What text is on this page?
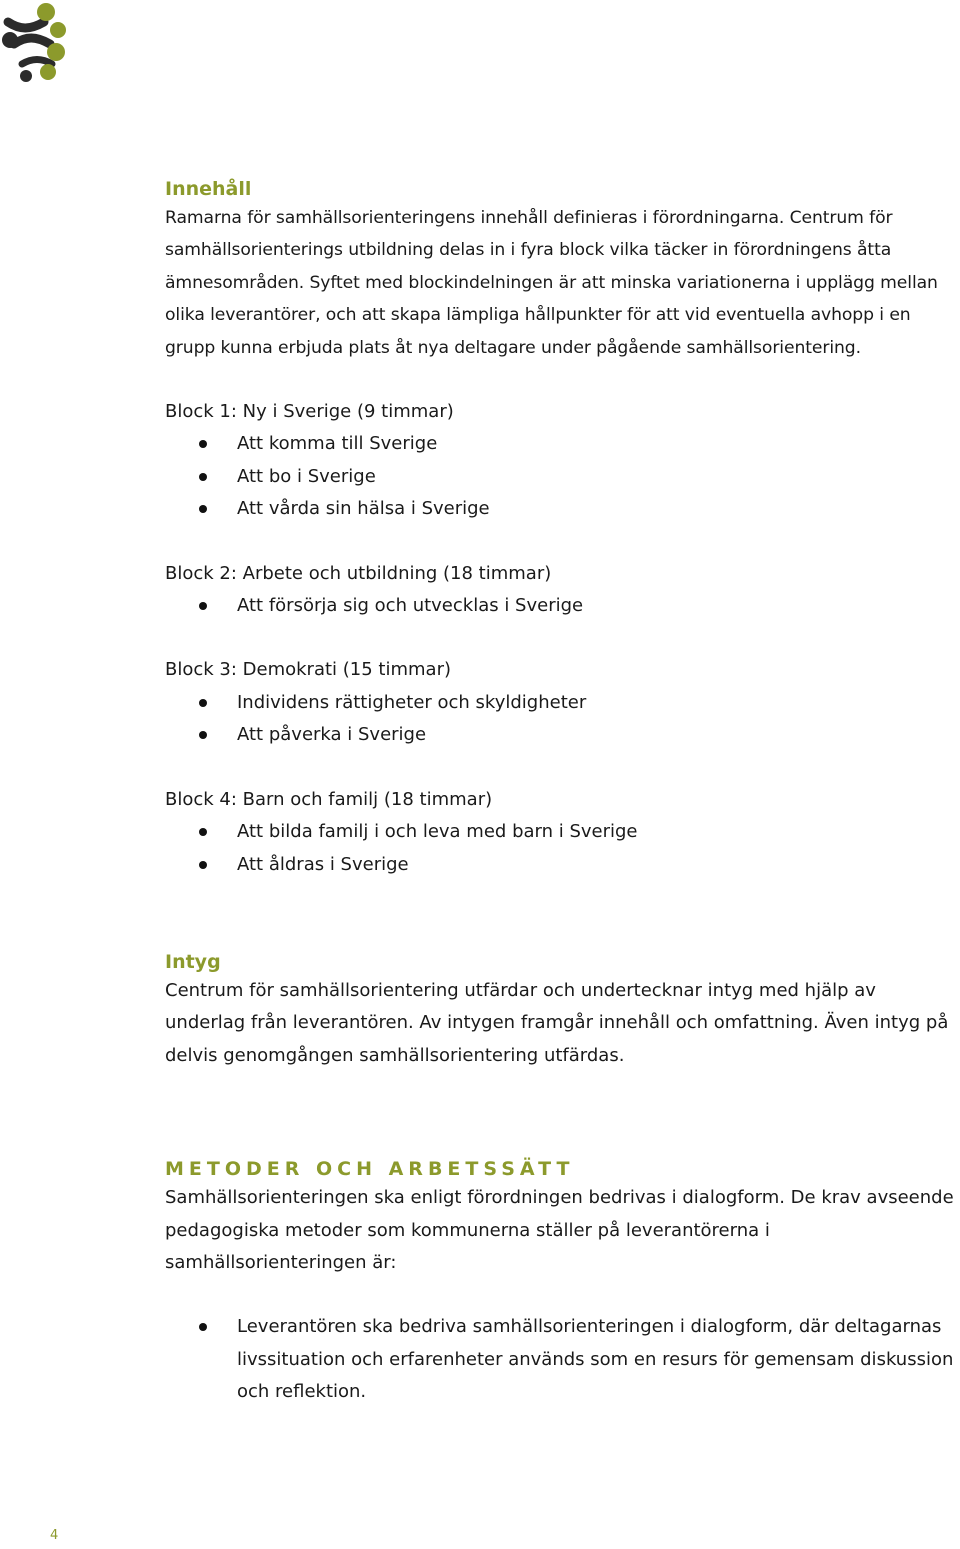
Innehåll

Ramarna för samhällsorienteringens innehåll definieras i förordningarna. Centrum för samhällsorienterings utbildning delas in i fyra block vilka täcker in förordningens åtta ämnesområden. Syftet med blockindelningen är att minska variationerna i upplägg mellan olika leverantörer, och att skapa lämpliga hållpunkter för att vid eventuella avhopp i en grupp kunna erbjuda plats åt nya deltagare under pågående samhällsorientering.

Block 1: Ny i Sverige (9 timmar)

Att komma till Sverige
Att bo i Sverige
Att vårda sin hälsa i Sverige

Block 2: Arbete och utbildning (18 timmar)

Att försörja sig och utvecklas i Sverige

Block 3: Demokrati (15 timmar)

Individens rättigheter och skyldigheter
Att påverka i Sverige

Block 4: Barn och familj (18 timmar)

Att bilda familj i och leva med barn i Sverige
Att åldras i Sverige
Intyg

Centrum för samhällsorientering utfärdar och undertecknar intyg med hjälp av underlag från leverantören. Av intygen framgår innehåll och omfattning. Även intyg på delvis genomgången samhällsorientering utfärdas.

METODER OCH ARBETSSÄTT

Samhällsorienteringen ska enligt förordningen bedrivas i dialogform. De krav avseende pedagogiska metoder som kommunerna ställer på leverantörerna i samhällsorienteringen är:

Leverantören ska bedriva samhällsorienteringen i dialogform, där deltagarnas livssituation och erfarenheter används som en resurs för gemensam diskussion och reflektion.
4
